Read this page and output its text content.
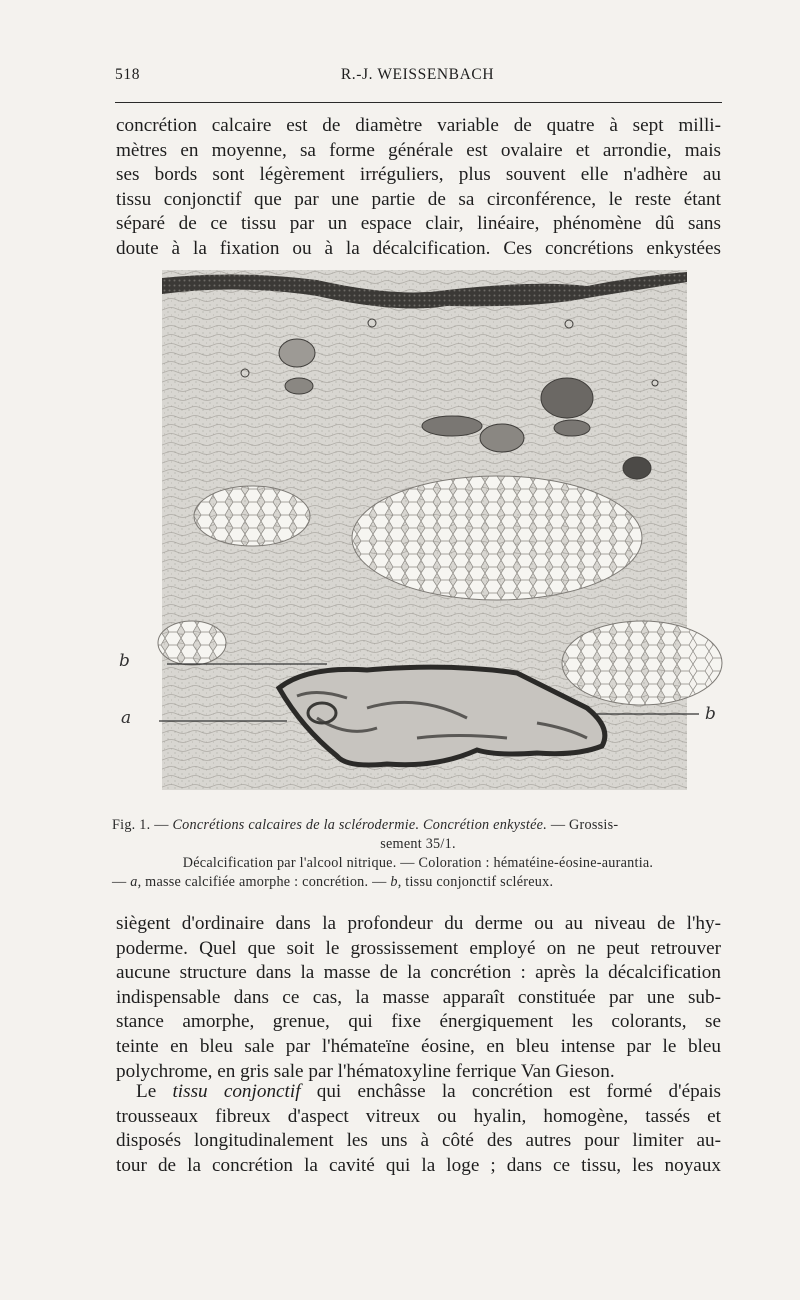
518	R.-J. WEISSENBACH
concrétion calcaire est de diamètre variable de quatre à sept milli-
mètres en moyenne, sa forme générale est ovalaire et arrondie, mais
ses bords sont légèrement irréguliers, plus souvent elle n'adhère au
tissu conjonctif que par une partie de sa circonférence, le reste étant
séparé de ce tissu par un espace clair, linéaire, phénomène dû sans
doute à la fixation ou à la décalcification. Ces concrétions enkystées
b
a	b
Fig. 1. — Concrétions calcaires de la sclérodermie. Concrétion enkystée. — Grossis-
sement 35/1.
Décalcification par l'alcool nitrique. — Coloration : hématéine-éosine-aurantia.
— a, masse calcifiée amorphe : concrétion. — b, tissu conjonctif scléreux.
siègent d'ordinaire dans la profondeur du derme ou au niveau de l'hy-
poderme. Quel que soit le grossissement employé on ne peut retrouver
aucune structure dans la masse de la concrétion : après la décalcification
indispensable dans ce cas, la masse apparaît constituée par une sub-
stance amorphe, grenue, qui fixe énergiquement les colorants, se
teinte en bleu sale par l'hémateïne éosine, en bleu intense par le bleu
polychrome, en gris sale par l'hématoxyline ferrique Van Gieson.
Le tissu conjonctif qui enchâsse la concrétion est formé d'épais
trousseaux fibreux d'aspect vitreux ou hyalin, homogène, tassés et
disposés longitudinalement les uns à côté des autres pour limiter au-
tour de la concrétion la cavité qui la loge ; dans ce tissu, les noyaux
